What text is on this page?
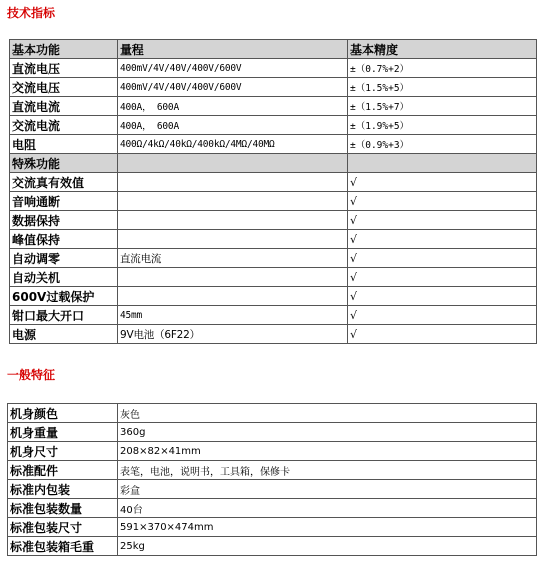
技术指标

基本功能	量程	基本精度
直流电压	400mV/4V/40V/400V/600V	±（0.7%+2）
交流电压	400mV/4V/40V/400V/600V	±（1.5%+5）
直流电流	400A， 600A	±（1.5%+7）
交流电流	400A， 600A	±（1.9%+5）
电阻	400Ω/4kΩ/40kΩ/400kΩ/4MΩ/40MΩ	±（0.9%+3）
特殊功能		
交流真有效值		√
音响通断		√
数据保持		√
峰值保持		√
自动调零	直流电流	√
自动关机		√
600V过载保护		√
钳口最大开口	45mm	√
电源	9V电池（6F22）	√

一般特征

机身颜色	灰色
机身重量	360g
机身尺寸	208×82×41mm
标准配件	表笔，电池，说明书，工具箱，保修卡
标准内包装	彩盒
标准包装数量	40台
标准包装尺寸	591×370×474mm
标准包装箱毛重	25kg
